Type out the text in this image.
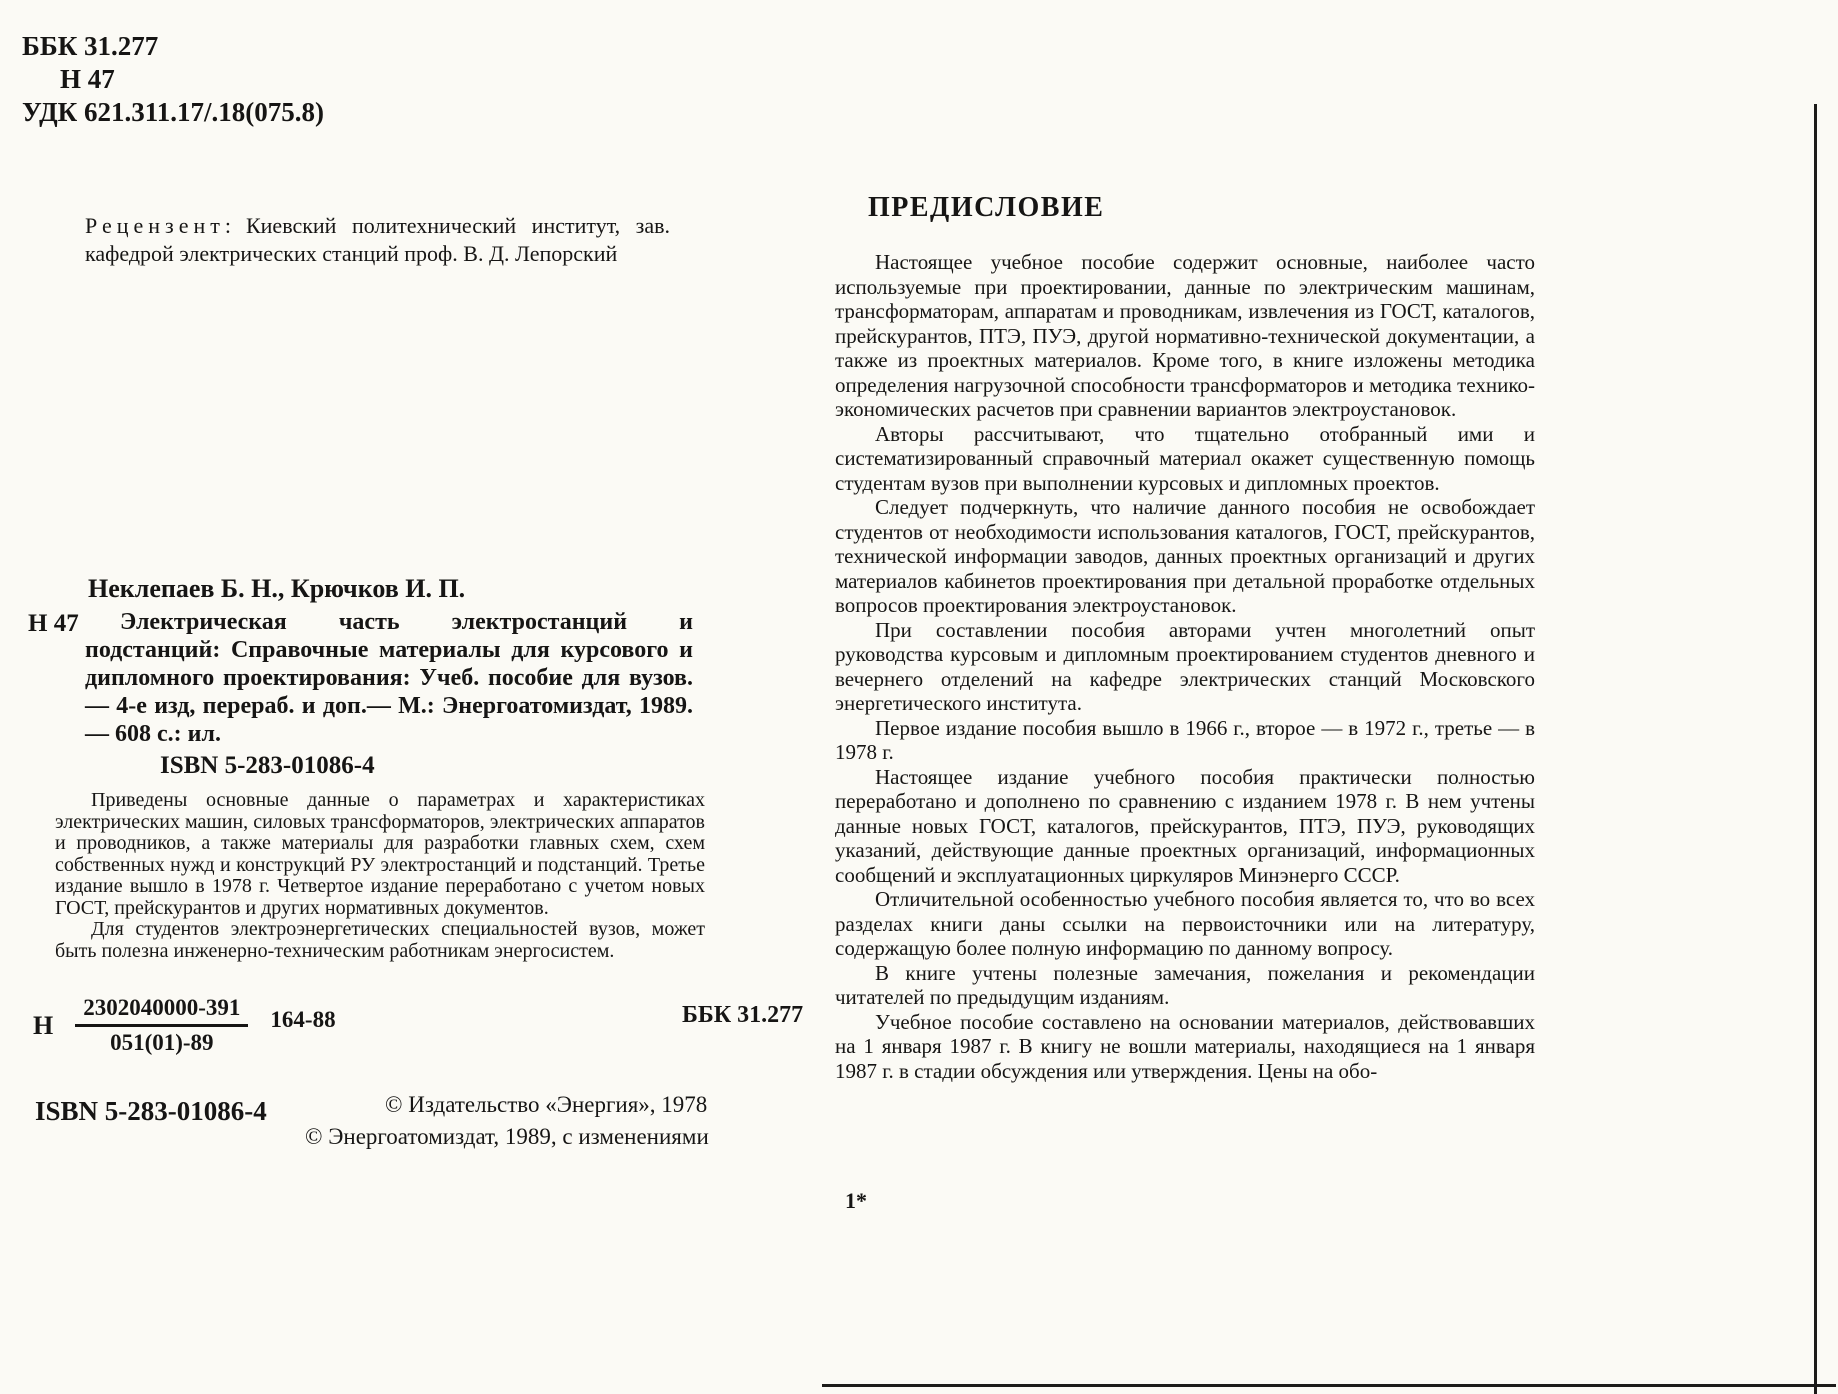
ББК 31.277
Н 47
УДК 621.311.17/.18(075.8)
Рецензент: Киевский политехнический институт, зав. кафедрой электрических станций проф. В. Д. Лепорский
Неклепаев Б. Н., Крючков И. П.
Н 47	Электрическая часть электростанций и подстанций: Справочные материалы для курсового и дипломного проектирования: Учеб. пособие для вузов.— 4-е изд, перераб. и доп.— М.: Энергоатомиздат, 1989.— 608 с.: ил.
ISBN 5-283-01086-4

Приведены основные данные о параметрах и характеристиках электрических машин, силовых трансформаторов, электрических аппаратов и проводников, а также материалы для разработки главных схем, схем собственных нужд и конструкций РУ электростанций и подстанций. Третье издание вышло в 1978 г. Четвертое издание переработано с учетом новых ГОСТ, прейскурантов и других нормативных документов.

Для студентов электроэнергетических специальностей вузов, может быть полезна инженерно-техническим работникам энергосистем.

Н $\frac{2302040000-391}{051(01)-89} 164-88$	ББК 31.277
ISBN 5-283-01086-4	© Издательство «Энергия», 1978
© Энергоатомиздат, 1989, с изменениями
ПРЕДИСЛОВИЕ

Настоящее учебное пособие содержит основные, наиболее часто используемые при проектировании, данные по электрическим машинам, трансформаторам, аппаратам и проводникам, извлечения из ГОСТ, каталогов, прейскурантов, ПТЭ, ПУЭ, другой нормативно-технической документации, а также из проектных материалов. Кроме того, в книге изложены методика определения нагрузочной способности трансформаторов и методика технико-экономических расчетов при сравнении вариантов электроустановок.

Авторы рассчитывают, что тщательно отобранный ими и систематизированный справочный материал окажет существенную помощь студентам вузов при выполнении курсовых и дипломных проектов.

Следует подчеркнуть, что наличие данного пособия не освобождает студентов от необходимости использования каталогов, ГОСТ, прейскурантов, технической информации заводов, данных проектных организаций и других материалов кабинетов проектирования при детальной проработке отдельных вопросов проектирования электроустановок.

При составлении пособия авторами учтен многолетний опыт руководства курсовым и дипломным проектированием студентов дневного и вечернего отделений на кафедре электрических станций Московского энергетического института.

Первое издание пособия вышло в 1966 г., второе — в 1972 г., третье — в 1978 г.

Настоящее издание учебного пособия практически полностью переработано и дополнено по сравнению с изданием 1978 г. В нем учтены данные новых ГОСТ, каталогов, прейскурантов, ПТЭ, ПУЭ, руководящих указаний, действующие данные проектных организаций, информационных сообщений и эксплуатационных циркуляров Минэнерго СССР.

Отличительной особенностью учебного пособия является то, что во всех разделах книги даны ссылки на первоисточники или на литературу, содержащую более полную информацию по данному вопросу.

В книге учтены полезные замечания, пожелания и рекомендации читателей по предыдущим изданиям.

Учебное пособие составлено на основании материалов, действовавших на 1 января 1987 г. В книгу не вошли материалы, находящиеся на 1 января 1987 г. в стадии обсуждения или утверждения. Цены на обо-

1*
